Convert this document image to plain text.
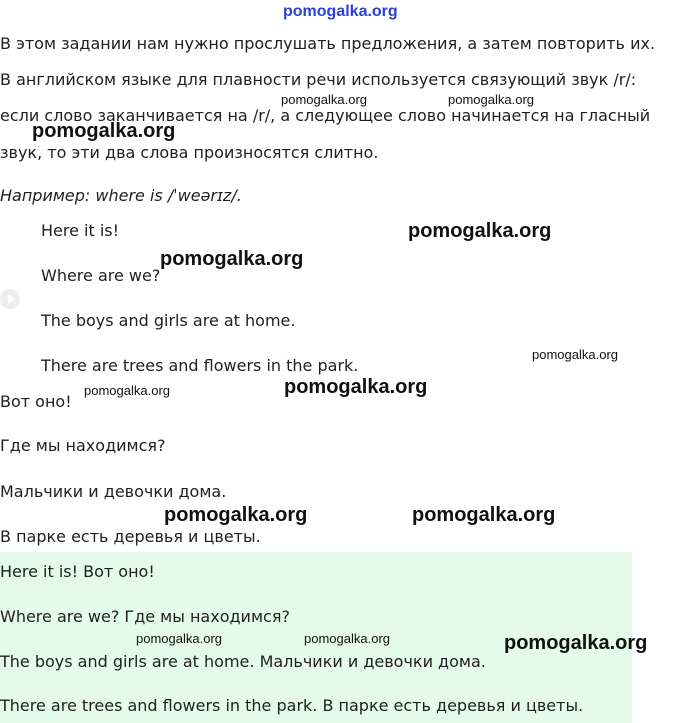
pomogalka.org
В этом задании нам нужно прослушать предложения, а затем повторить их.
В английском языке для плавности речи используется связующий звук /r/:
если слово заканчивается на /r/, а следующее слово начинается на гласный
звук, то эти два слова произносятся слитно.
Например: where is /ˈweərɪz/.
Here it is!
Where are we?
The boys and girls are at home.
There are trees and flowers in the park.
Вот оно!
Где мы находимся?
Мальчики и девочки дома.
В парке есть деревья и цветы.
Here it is! Вот оно!
Where are we? Где мы находимся?
The boys and girls are at home. Мальчики и девочки дома.
There are trees and flowers in the park. В парке есть деревья и цветы.
pomogalka.org	pomogalka.org
pomogalka.org
pomogalka.org
pomogalka.org
pomogalka.org
pomogalka.org
pomogalka.org
pomogalka.org	pomogalka.org
pomogalka.org	pomogalka.org	pomogalka.org
